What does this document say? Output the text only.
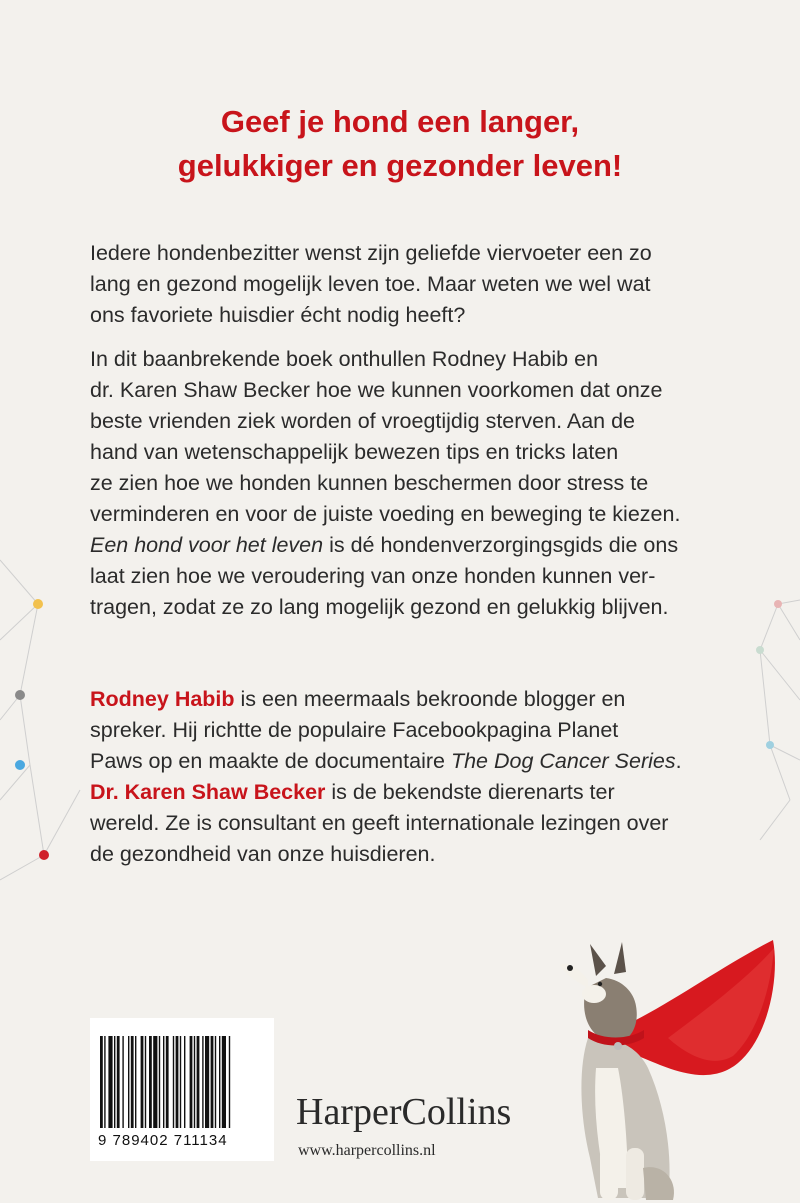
Geef je hond een langer,
gelukkiger en gezonder leven!

Iedere hondenbezitter wenst zijn geliefde viervoeter een zo

lang en gezond mogelijk leven toe. Maar weten we wel wat

ons favoriete huisdier écht nodig heeft?

In dit baanbrekende boek onthullen Rodney Habib en

dr. Karen Shaw Becker hoe we kunnen voorkomen dat onze

beste vrienden ziek worden of vroegtijdig sterven. Aan de

hand van wetenschappelijk bewezen tips en tricks laten

ze zien hoe we honden kunnen beschermen door stress te

verminderen en voor de juiste voeding en beweging te kiezen.

Een hond voor het leven is dé hondenverzorgingsgids die ons

laat zien hoe we veroudering van onze honden kunnen ver-

tragen, zodat ze zo lang mogelijk gezond en gelukkig blijven.

Rodney Habib is een meermaals bekroonde blogger en

spreker. Hij richtte de populaire Facebookpagina Planet

Paws op en maakte de documentaire The Dog Cancer Series.

Dr. Karen Shaw Becker is de bekendste dierenarts ter

wereld. Ze is consultant en geeft internationale lezingen over

de gezondheid van onze huisdieren.

9 789402 711134
HarperCollins
www.harpercollins.nl
